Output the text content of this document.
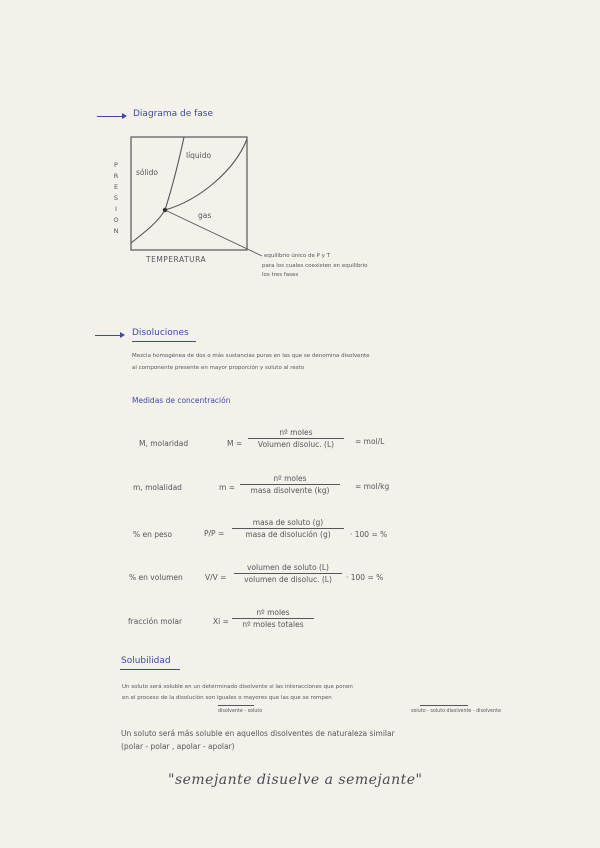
Diagrama de fase
sólido
líquido
gas
P
R
E
S
I
O
N
TEMPERATURA	equilibrio único de P y T
para los cuales coexisten en equilibrio
los tres fases
Disoluciones
Mezcla homogénea de dos o más sustancias puras en las que se denomina disolvente
al componente presente en mayor proporción y soluto al resto
Medidas de concentración
M, molaridad	M =
nº moles
Volumen disoluc. (L)	= mol/L
m, molalidad	m =
nº moles
masa disolvente (kg)	= mol/kg
% en peso	P/P =
masa de soluto (g)
masa de disolución (g)	· 100 = %
% en volumen	V/V =
volumen de soluto (L)
volumen de disoluc. (L)	· 100 = %
fracción molar	Xi =
nº moles
nº moles totales
Solubilidad
Un soluto será soluble en un determinado disolvente si las interacciones que ponen
en el proceso de la disolución son iguales o mayores que las que se rompen
disolvente - soluto	soluto - soluto disolvente - disolvente
Un soluto será más soluble en aquellos disolventes de naturaleza similar
(polar - polar , apolar - apolar)
"semejante disuelve a semejante"
